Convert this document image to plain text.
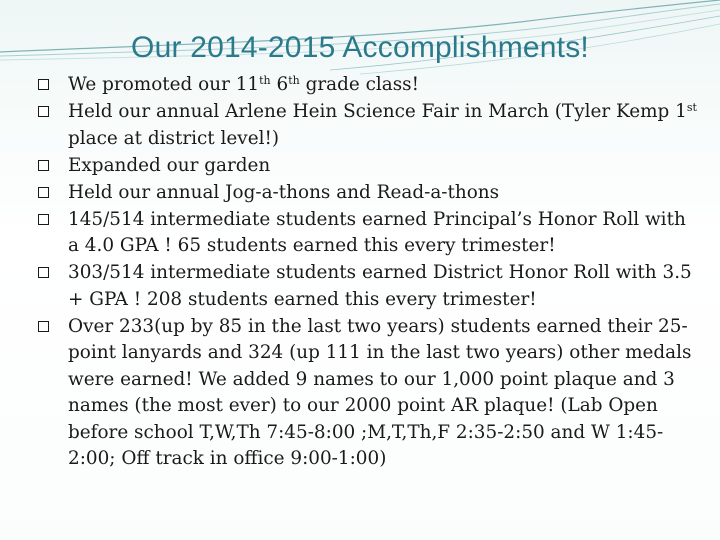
Our 2014-2015 Accomplishments!
We promoted our 11th 6th grade class!
Held our annual Arlene Hein Science Fair in March (Tyler Kemp 1st place at district level!)
Expanded our garden
Held our annual Jog-a-thons and Read-a-thons
145/514 intermediate students earned Principal’s Honor Roll with a 4.0 GPA ! 65 students earned this every trimester!
303/514 intermediate students earned District Honor Roll with 3.5 + GPA ! 208 students earned this every trimester!
Over 233(up by 85 in the last two years) students earned their 25-point lanyards and 324 (up 111 in the last two years) other medals were earned! We added 9 names to our 1,000 point plaque and 3 names (the most ever) to our 2000 point AR plaque! (Lab Open before school T,W,Th 7:45-8:00 ;M,T,Th,F 2:35-2:50 and W 1:45-2:00; Off track in office 9:00-1:00)
